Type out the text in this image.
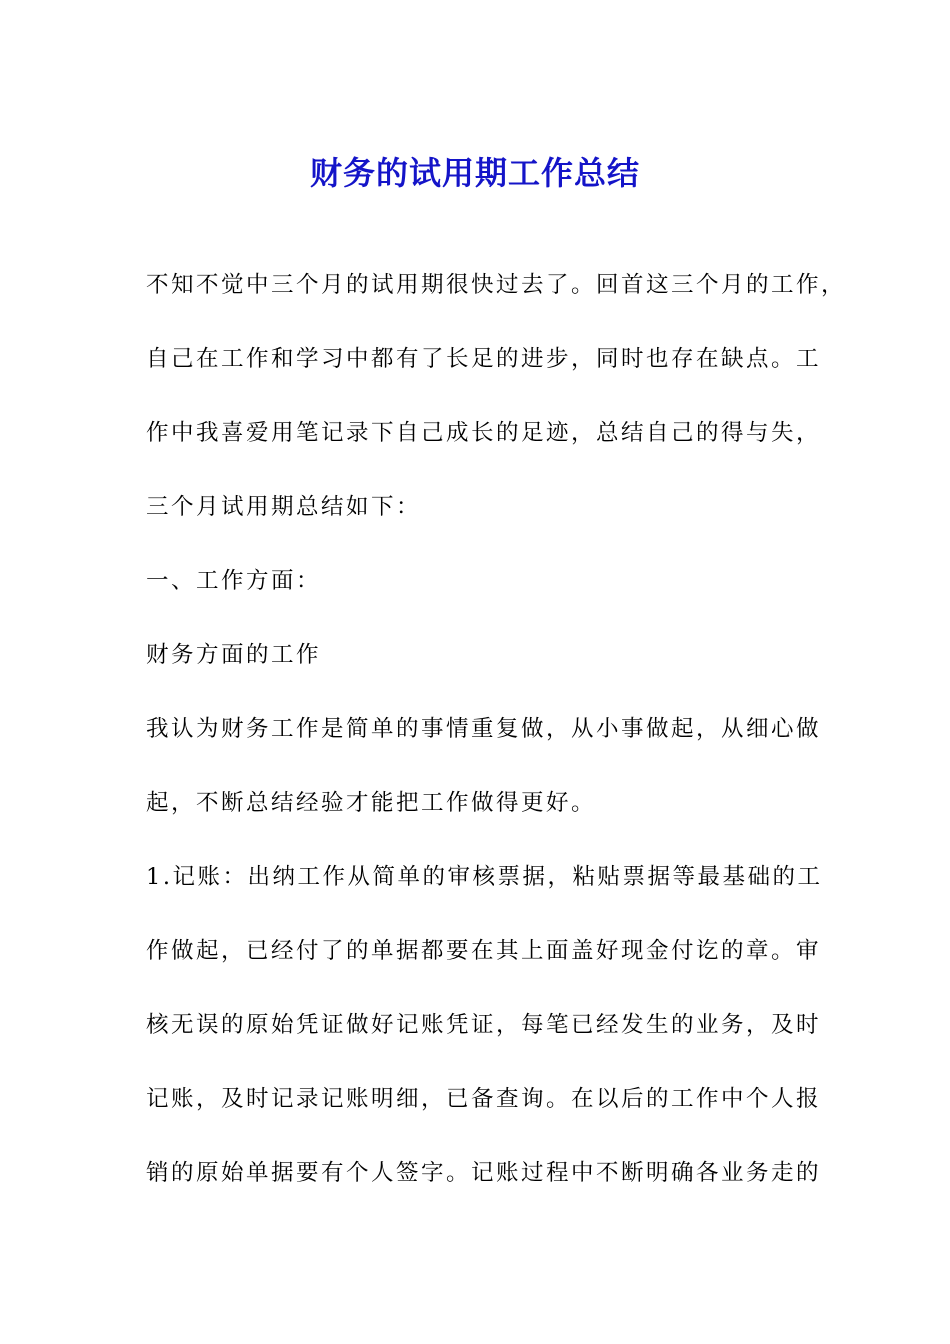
财务的试用期工作总结
不知不觉中三个月的试用期很快过去了。回首这三个月的工作，
自己在工作和学习中都有了长足的进步，同时也存在缺点。工
作中我喜爱用笔记录下自己成长的足迹，总结自己的得与失，
三个月试用期总结如下：
一、工作方面：
财务方面的工作
我认为财务工作是简单的事情重复做，从小事做起，从细心做
起，不断总结经验才能把工作做得更好。
1.记账：出纳工作从简单的审核票据，粘贴票据等最基础的工
作做起，已经付了的单据都要在其上面盖好现金付讫的章。审
核无误的原始凭证做好记账凭证，每笔已经发生的业务，及时
记账，及时记录记账明细，已备查询。在以后的工作中个人报
销的原始单据要有个人签字。记账过程中不断明确各业务走的
